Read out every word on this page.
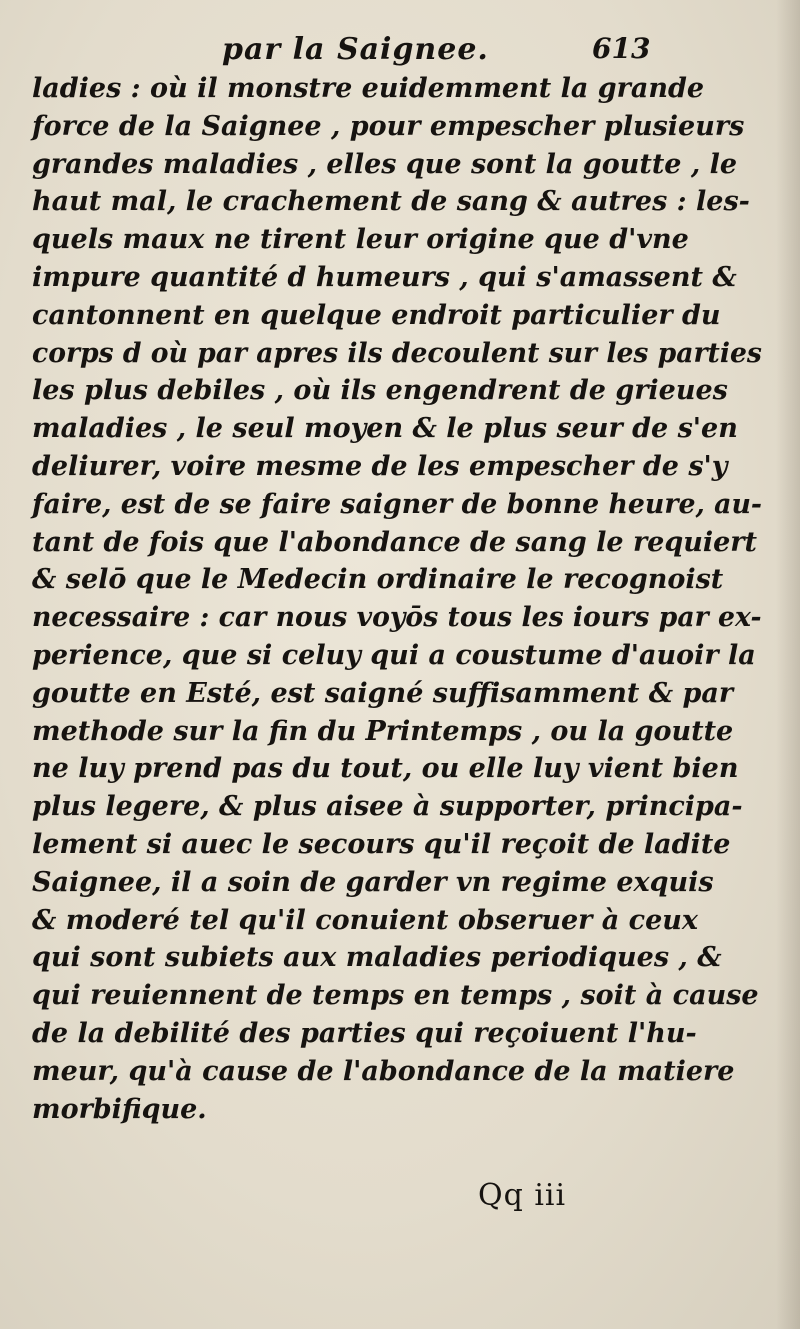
par la Saignee.	613
ladies : où il monstre euidemment la grande
force de la Saignee , pour empescher plusieurs
grandes maladies , elles que sont la goutte , le
haut mal, le crachement de sang & autres : les-
quels maux ne tirent leur origine que d'vne
impure quantité d humeurs , qui s'amassent &
cantonnent en quelque endroit particulier du
corps d où par apres ils decoulent sur les parties
les plus debiles , où ils engendrent de grieues
maladies , le seul moyen & le plus seur de s'en
deliurer, voire mesme de les empescher de s'y
faire, est de se faire saigner de bonne heure, au-
tant de fois que l'abondance de sang le requiert
& selō que le Medecin ordinaire le recognoist
necessaire : car nous voyōs tous les iours par ex-
perience, que si celuy qui a coustume d'auoir la
goutte en Esté, est saigné suffisamment & par
methode sur la fin du Printemps , ou la goutte
ne luy prend pas du tout, ou elle luy vient bien
plus legere, & plus aisee à supporter, principa-
lement si auec le secours qu'il reçoit de ladite
Saignee, il a soin de garder vn regime exquis
& moderé tel qu'il conuient obseruer à ceux
qui sont subiets aux maladies periodiques , &
qui reuiennent de temps en temps , soit à cause
de la debilité des parties qui reçoiuent l'hu-
meur, qu'à cause de l'abondance de la matiere
morbifique.
Qq iii
